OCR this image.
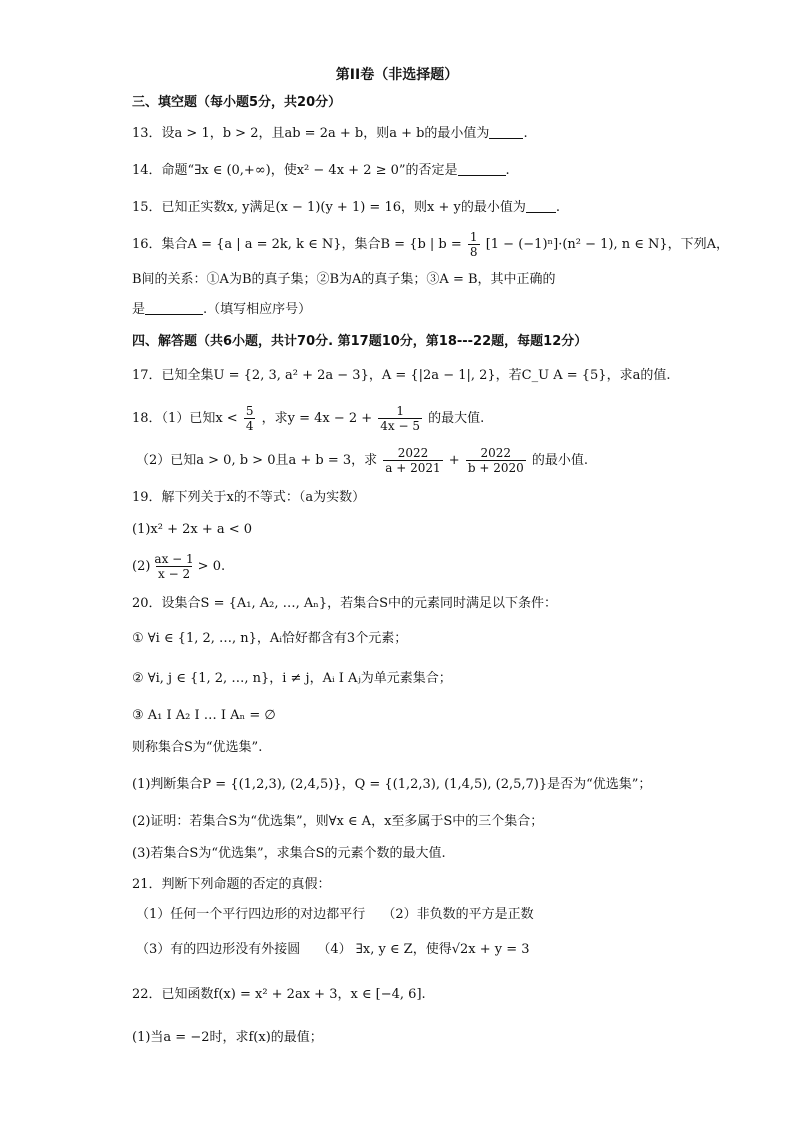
第II卷（非选择题）
三、填空题（每小题5分，共20分）
13．设a > 1，b > 2，且ab = 2a + b，则a + b的最小值为	.
14．命题“∃x ∈ (0,+∞)，使x² − 4x + 2 ≥ 0”的否定是	.
15．已知正实数x, y满足(x − 1)(y + 1) = 16，则x + y的最小值为 .
16．集合A = {a | a = 2k, k ∈ N}，集合B = {b | $b = \frac{1}{8} [1 - (-1)^n]\cdot(n^2 - 1)$, n ∈ N}，下列A，
B间的关系：①A为B的真子集；②B为A的真子集；③A = B，其中正确的
是	.（填写相应序号）
四、解答题（共6小题，共计70分. 第17题10分，第18---22题，每题12分）
17．已知全集U = {2, 3, a² + 2a − 3}，A = {|2a − 1|, 2}，若C_U A = {5}，求a的值.
18．（1）已知$x < \frac{5}{4}$ ，求$y = 4x - 2 + \frac{1}{4x - 5}$ 的最大值.
（2）已知a > 0, b > 0且a + b = 3，求 $\frac{2022}{a + 2021} + \frac{2022}{b + 2020}$ 的最小值.
19．解下列关于x的不等式：（a为实数）
(1)x² + 2x + a < 0
$(2) \frac{ax - 1}{x - 2} > 0$.
20．设集合S = {A₁, A₂, …, Aₙ}，若集合S中的元素同时满足以下条件：
① ∀i ∈ {1, 2, …, n}，Aᵢ恰好都含有3个元素；
② ∀i, j ∈ {1, 2, …, n}，i ≠ j，Aᵢ I Aⱼ为单元素集合；
③ A₁ I A₂ I … I Aₙ = ∅
则称集合S为“优选集”.
(1)判断集合P = {(1,2,3), (2,4,5)}，Q = {(1,2,3), (1,4,5), (2,5,7)}是否为“优选集”；
(2)证明：若集合S为“优选集”，则∀x ∈ A，x至多属于S中的三个集合；
(3)若集合S为“优选集”，求集合S的元素个数的最大值.
21．判断下列命题的否定的真假：
（1）任何一个平行四边形的对边都平行　 （2）非负数的平方是正数
（3）有的四边形没有外接圆　 （4） ∃x, y ∈ Z，使得√2x + y = 3
22．已知函数f(x) = x² + 2ax + 3，x ∈ [−4, 6].
(1)当a = −2时，求f(x)的最值；
